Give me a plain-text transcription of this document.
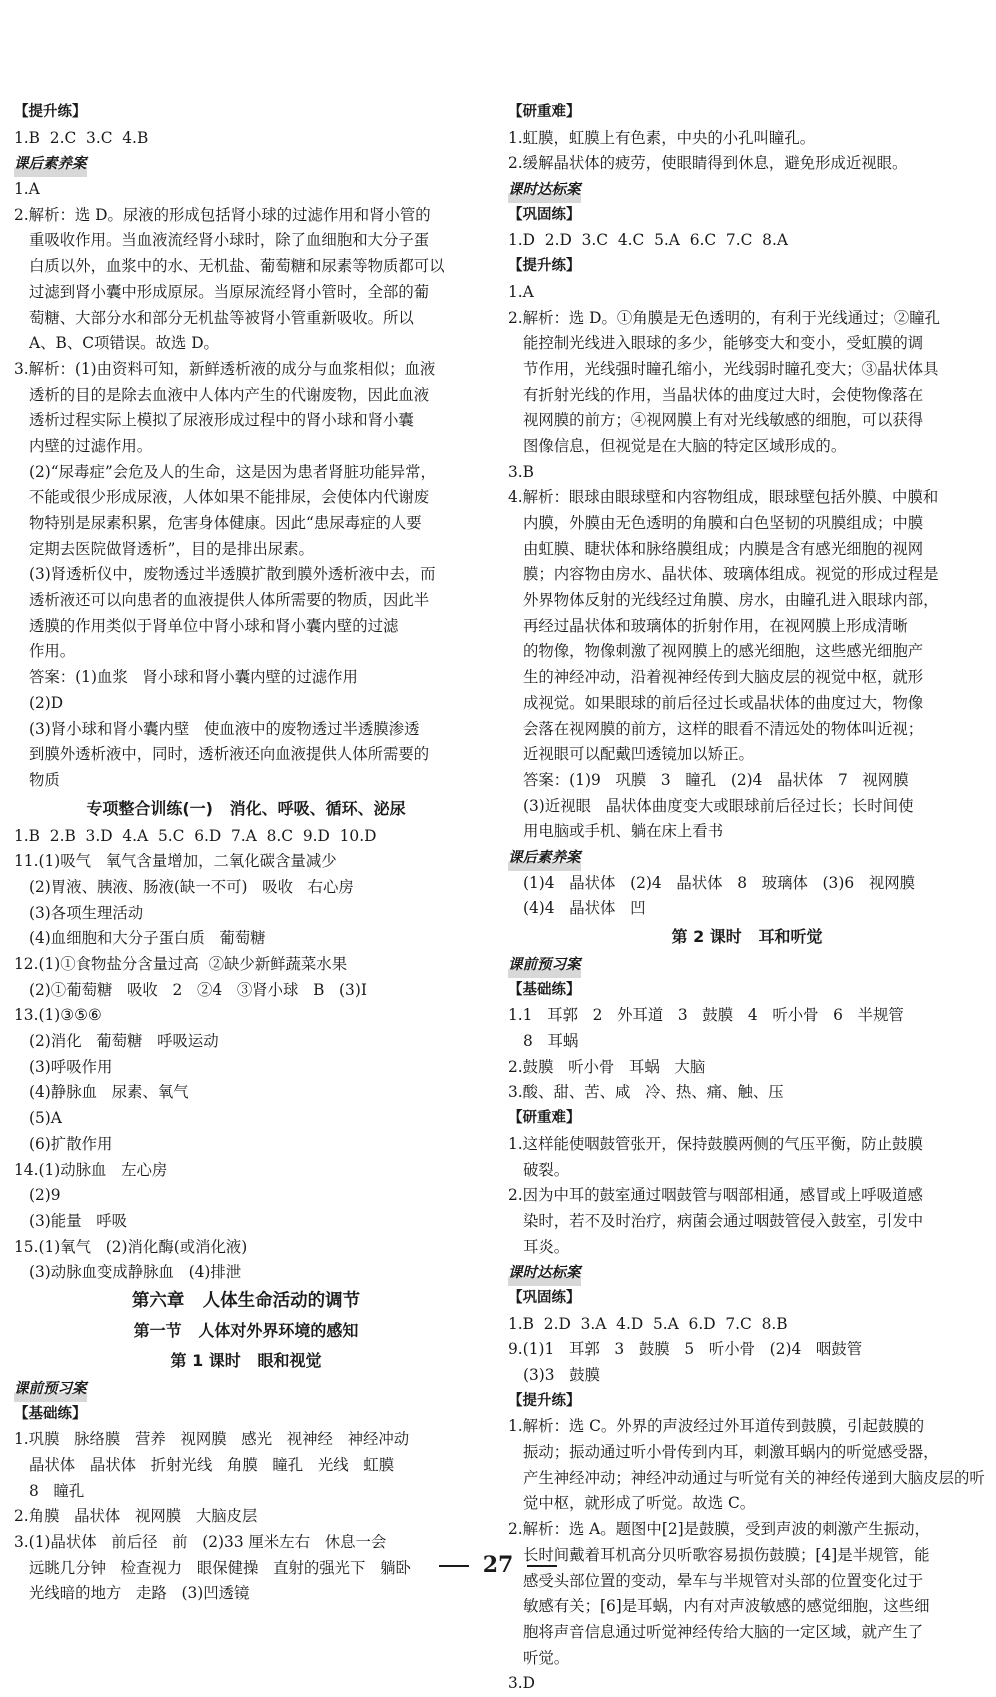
【提升练】
1.B  2.C  3.C  4.B
课后素养案
1.A
2.解析：选 D。尿液的形成包括肾小球的过滤作用和肾小管的
重吸收作用。当血液流经肾小球时，除了血细胞和大分子蛋
白质以外，血浆中的水、无机盐、葡萄糖和尿素等物质都可以
过滤到肾小囊中形成原尿。当原尿流经肾小管时，全部的葡
萄糖、大部分水和部分无机盐等被肾小管重新吸收。所以
A、B、C项错误。故选 D。
3.解析：(1)由资料可知，新鲜透析液的成分与血浆相似；血液
透析的目的是除去血液中人体内产生的代谢废物，因此血液
透析过程实际上模拟了尿液形成过程中的肾小球和肾小囊
内壁的过滤作用。
(2)“尿毒症”会危及人的生命，这是因为患者肾脏功能异常，
不能或很少形成尿液，人体如果不能排尿，会使体内代谢废
物特别是尿素积累，危害身体健康。因此“患尿毒症的人要
定期去医院做肾透析”，目的是排出尿素。
(3)肾透析仪中，废物透过半透膜扩散到膜外透析液中去，而
透析液还可以向患者的血液提供人体所需要的物质，因此半
透膜的作用类似于肾单位中肾小球和肾小囊内壁的过滤
作用。
答案：(1)血浆   肾小球和肾小囊内壁的过滤作用
(2)D
(3)肾小球和肾小囊内壁   使血液中的废物透过半透膜渗透
到膜外透析液中，同时，透析液还向血液提供人体所需要的
物质
专项整合训练(一)   消化、呼吸、循环、泌尿
1.B  2.B  3.D  4.A  5.C  6.D  7.A  8.C  9.D  10.D
11.(1)吸气   氧气含量增加，二氧化碳含量减少
(2)胃液、胰液、肠液(缺一不可)   吸收   右心房
(3)各项生理活动
(4)血细胞和大分子蛋白质   葡萄糖
12.(1)①食物盐分含量过高  ②缺少新鲜蔬菜水果
(2)①葡萄糖   吸收   2   ②4   ③肾小球   B   (3)Ⅰ
13.(1)③⑤⑥
(2)消化   葡萄糖   呼吸运动
(3)呼吸作用
(4)静脉血   尿素、氧气
(5)A
(6)扩散作用
14.(1)动脉血   左心房
(2)9
(3)能量   呼吸
15.(1)氧气   (2)消化酶(或消化液)
(3)动脉血变成静脉血   (4)排泄
第六章   人体生命活动的调节
第一节   人体对外界环境的感知
第 1 课时   眼和视觉
课前预习案
【基础练】
1.巩膜   脉络膜   营养   视网膜   感光   视神经   神经冲动
晶状体   晶状体   折射光线   角膜   瞳孔   光线   虹膜
8   瞳孔
2.角膜   晶状体   视网膜   大脑皮层
3.(1)晶状体   前后径   前   (2)33 厘米左右   休息一会
远眺几分钟   检查视力   眼保健操   直射的强光下   躺卧
光线暗的地方   走路   (3)凹透镜
【研重难】
1.虹膜，虹膜上有色素，中央的小孔叫瞳孔。
2.缓解晶状体的疲劳，使眼睛得到休息，避免形成近视眼。
课时达标案
【巩固练】
1.D  2.D  3.C  4.C  5.A  6.C  7.C  8.A
【提升练】
1.A
2.解析：选 D。①角膜是无色透明的，有利于光线通过；②瞳孔
能控制光线进入眼球的多少，能够变大和变小，受虹膜的调
节作用，光线强时瞳孔缩小，光线弱时瞳孔变大；③晶状体具
有折射光线的作用，当晶状体的曲度过大时，会使物像落在
视网膜的前方；④视网膜上有对光线敏感的细胞，可以获得
图像信息，但视觉是在大脑的特定区域形成的。
3.B
4.解析：眼球由眼球壁和内容物组成，眼球壁包括外膜、中膜和
内膜，外膜由无色透明的角膜和白色坚韧的巩膜组成；中膜
由虹膜、睫状体和脉络膜组成；内膜是含有感光细胞的视网
膜；内容物由房水、晶状体、玻璃体组成。视觉的形成过程是
外界物体反射的光线经过角膜、房水，由瞳孔进入眼球内部，
再经过晶状体和玻璃体的折射作用，在视网膜上形成清晰
的物像，物像刺激了视网膜上的感光细胞，这些感光细胞产
生的神经冲动，沿着视神经传到大脑皮层的视觉中枢，就形
成视觉。如果眼球的前后径过长或晶状体的曲度过大，物像
会落在视网膜的前方，这样的眼看不清远处的物体叫近视；
近视眼可以配戴凹透镜加以矫正。
答案：(1)9   巩膜   3   瞳孔   (2)4   晶状体   7   视网膜
(3)近视眼   晶状体曲度变大或眼球前后径过长；长时间使
用电脑或手机、躺在床上看书
课后素养案
(1)4   晶状体   (2)4   晶状体   8   玻璃体   (3)6   视网膜
(4)4   晶状体   凹
第 2 课时   耳和听觉
课前预习案
【基础练】
1.1   耳郭   2   外耳道   3   鼓膜   4   听小骨   6   半规管
8   耳蜗
2.鼓膜   听小骨   耳蜗   大脑
3.酸、甜、苦、咸   冷、热、痛、触、压
【研重难】
1.这样能使咽鼓管张开，保持鼓膜两侧的气压平衡，防止鼓膜
破裂。
2.因为中耳的鼓室通过咽鼓管与咽部相通，感冒或上呼吸道感
染时，若不及时治疗，病菌会通过咽鼓管侵入鼓室，引发中
耳炎。
课时达标案
【巩固练】
1.B  2.D  3.A  4.D  5.A  6.D  7.C  8.B
9.(1)1   耳郭   3   鼓膜   5   听小骨   (2)4   咽鼓管
(3)3   鼓膜
【提升练】
1.解析：选 C。外界的声波经过外耳道传到鼓膜，引起鼓膜的
振动；振动通过听小骨传到内耳，刺激耳蜗内的听觉感受器，
产生神经冲动；神经冲动通过与听觉有关的神经传递到大脑皮层的听
觉中枢，就形成了听觉。故选 C。
2.解析：选 A。题图中[2]是鼓膜，受到声波的刺激产生振动，
长时间戴着耳机高分贝听歌容易损伤鼓膜；[4]是半规管，能
感受头部位置的变动，晕车与半规管对头部的位置变化过于
敏感有关；[6]是耳蜗，内有对声波敏感的感觉细胞，这些细
胞将声音信息通过听觉神经传给大脑的一定区域，就产生了
听觉。
3.D
27
